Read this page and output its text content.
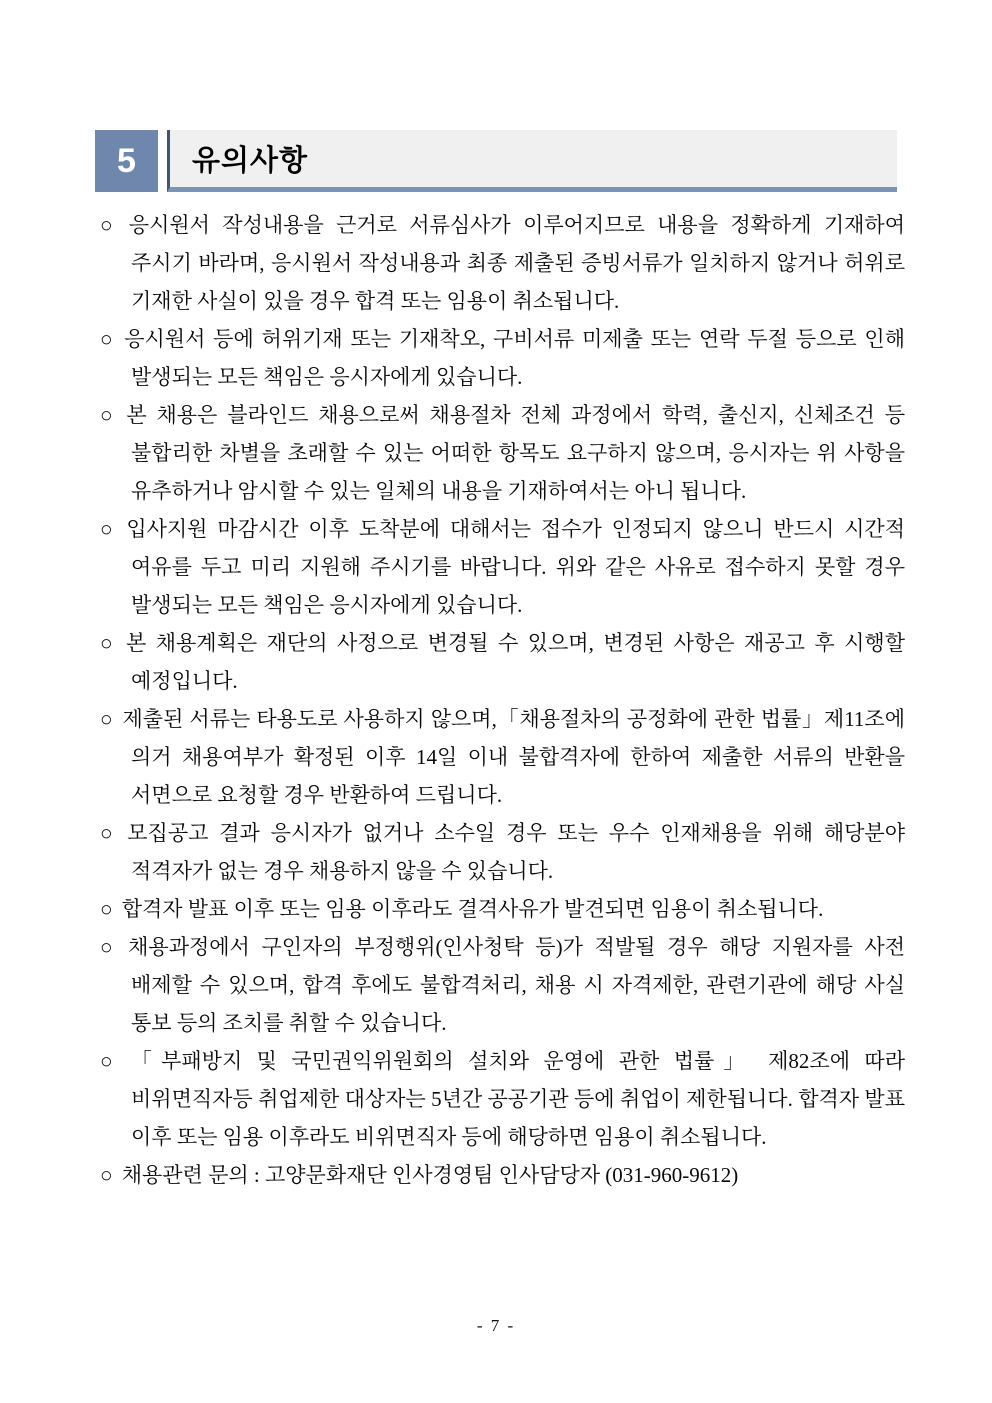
5	유의사항

○ 응시원서 작성내용을 근거로 서류심사가 이루어지므로 내용을 정확하게 기재하여 주시기 바라며, 응시원서 작성내용과 최종 제출된 증빙서류가 일치하지 않거나 허위로 기재한 사실이 있을 경우 합격 또는 임용이 취소됩니다.

○ 응시원서 등에 허위기재 또는 기재착오, 구비서류 미제출 또는 연락 두절 등으로 인해 발생되는 모든 책임은 응시자에게 있습니다.

○ 본 채용은 블라인드 채용으로써 채용절차 전체 과정에서 학력, 출신지, 신체조건 등 불합리한 차별을 초래할 수 있는 어떠한 항목도 요구하지 않으며, 응시자는 위 사항을 유추하거나 암시할 수 있는 일체의 내용을 기재하여서는 아니 됩니다.

○ 입사지원 마감시간 이후 도착분에 대해서는 접수가 인정되지 않으니 반드시 시간적 여유를 두고 미리 지원해 주시기를 바랍니다. 위와 같은 사유로 접수하지 못할 경우 발생되는 모든 책임은 응시자에게 있습니다.

○ 본 채용계획은 재단의 사정으로 변경될 수 있으며, 변경된 사항은 재공고 후 시행할 예정입니다.

○ 제출된 서류는 타용도로 사용하지 않으며,「채용절차의 공정화에 관한 법률」제11조에 의거 채용여부가 확정된 이후 14일 이내 불합격자에 한하여 제출한 서류의 반환을 서면으로 요청할 경우 반환하여 드립니다.

○ 모집공고 결과 응시자가 없거나 소수일 경우 또는 우수 인재채용을 위해 해당분야 적격자가 없는 경우 채용하지 않을 수 있습니다.

○ 합격자 발표 이후 또는 임용 이후라도 결격사유가 발견되면 임용이 취소됩니다.

○ 채용과정에서 구인자의 부정행위(인사청탁 등)가 적발될 경우 해당 지원자를 사전 배제할 수 있으며, 합격 후에도 불합격처리, 채용 시 자격제한, 관련기관에 해당 사실 통보 등의 조치를 취할 수 있습니다.

○ 「부패방지 및 국민권익위원회의 설치와 운영에 관한 법률」 제82조에 따라 비위면직자등 취업제한 대상자는 5년간 공공기관 등에 취업이 제한됩니다. 합격자 발표 이후 또는 임용 이후라도 비위면직자 등에 해당하면 임용이 취소됩니다.

○ 채용관련 문의 : 고양문화재단 인사경영팀 인사담당자 (031-960-9612)

- 7 -
